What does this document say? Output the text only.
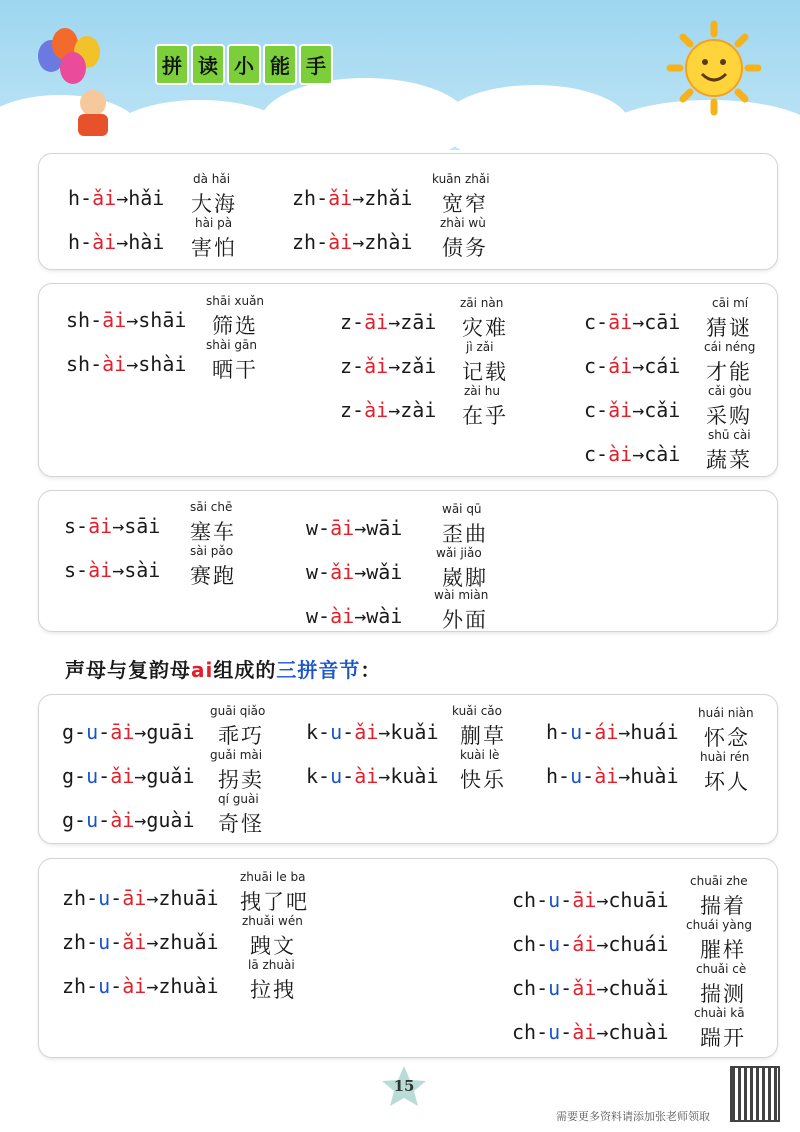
拼 读 小 能 手
h-ǎi→hǎi
dà hǎi
大海
h-ài→hài
hài pà
害怕
zh-ǎi→zhǎi
kuān zhǎi
宽窄
zh-ài→zhài
zhài wù
债务
sh-āi→shāi
shāi xuǎn
筛选
sh-ài→shài
shài gān
晒干
z-āi→zāi
zāi nàn
灾难
z-ǎi→zǎi
jì zǎi
记载
z-ài→zài
zài hu
在乎
c-āi→cāi
cāi mí
猜谜
c-ái→cái
cái néng
才能
c-ǎi→cǎi
cǎi gòu
采购
c-ài→cài
shū cài
蔬菜
s-āi→sāi
sāi chē
塞车
s-ài→sài
sài pǎo
赛跑
w-āi→wāi
wāi qū
歪曲
w-ǎi→wǎi
wǎi jiǎo
崴脚
w-ài→wài
wài miàn
外面
声母与复韵母ai组成的三拼音节：
g-u-āi→guāi
guāi qiǎo
乖巧
g-u-ǎi→guǎi
guǎi mài
拐卖
g-u-ài→guài
qí guài
奇怪
k-u-ǎi→kuǎi
kuǎi cǎo
蒯草
k-u-ài→kuài
kuài lè
快乐
h-u-ái→huái
huái niàn
怀念
h-u-ài→huài
huài rén
坏人
zh-u-āi→zhuāi
zhuāi le ba
拽了吧
zh-u-ǎi→zhuǎi
zhuǎi wén
跩文
zh-u-ài→zhuài
lā zhuài
拉拽
ch-u-āi→chuāi
chuāi zhe
揣着
ch-u-ái→chuái
chuái yàng
膗样
ch-u-ǎi→chuǎi
chuǎi cè
揣测
ch-u-ài→chuài
chuài kā
踹开
15
需要更多资料请添加张老师领取
